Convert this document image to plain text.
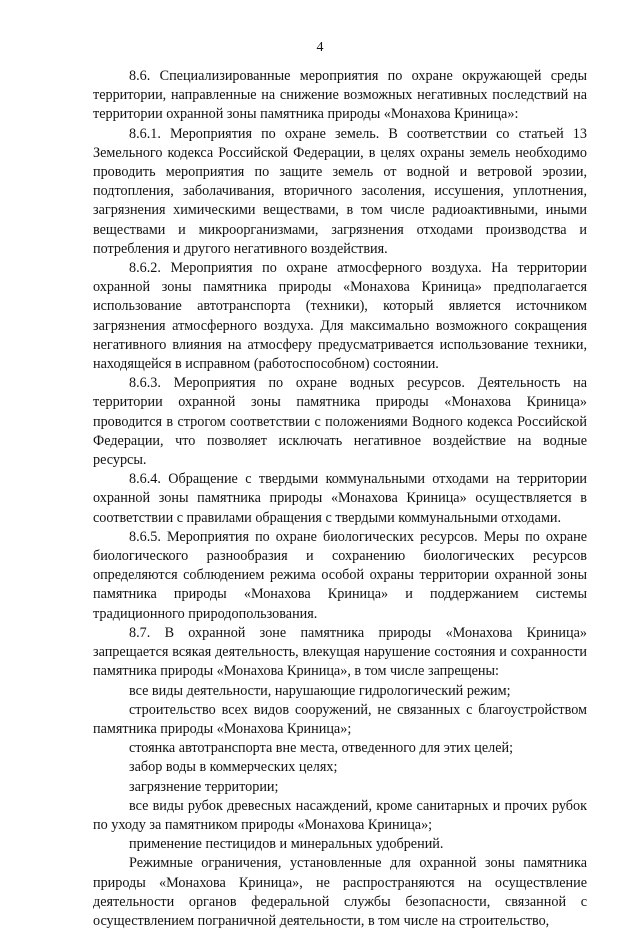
4

8.6. Специализированные мероприятия по охране окружающей среды территории, направленные на снижение возможных негативных последствий на территории охранной зоны памятника природы «Монахова Криница»:

8.6.1. Мероприятия по охране земель. В соответствии со статьей 13 Земельного кодекса Российской Федерации, в целях охраны земель необходимо проводить мероприятия по защите земель от водной и ветровой эрозии, подтопления, заболачивания, вторичного засоления, иссушения, уплотнения, загрязнения химическими веществами, в том числе радиоактивными, иными веществами и микроорганизмами, загрязнения отходами производства и потребления и другого негативного воздействия.

8.6.2. Мероприятия по охране атмосферного воздуха. На территории охранной зоны памятника природы «Монахова Криница» предполагается использование автотранспорта (техники), который является источником загрязнения атмосферного воздуха. Для максимально возможного сокращения негативного влияния на атмосферу предусматривается использование техники, находящейся в исправном (работоспособном) состоянии.

8.6.3. Мероприятия по охране водных ресурсов. Деятельность на территории охранной зоны памятника природы «Монахова Криница» проводится в строгом соответствии с положениями Водного кодекса Российской Федерации, что позволяет исключать негативное воздействие на водные ресурсы.

8.6.4. Обращение с твердыми коммунальными отходами на территории охранной зоны памятника природы «Монахова Криница» осуществляется в соответствии с правилами обращения с твердыми коммунальными отходами.

8.6.5. Мероприятия по охране биологических ресурсов. Меры по охране биологического разнообразия и сохранению биологических ресурсов определяются соблюдением режима особой охраны территории охранной зоны памятника природы «Монахова Криница» и поддержанием системы традиционного природопользования.

8.7. В охранной зоне памятника природы «Монахова Криница» запрещается всякая деятельность, влекущая нарушение состояния и сохранности памятника природы «Монахова Криница», в том числе запрещены:

все виды деятельности, нарушающие гидрологический режим;

строительство всех видов сооружений, не связанных с благоустройством памятника природы «Монахова Криница»;

стоянка автотранспорта вне места, отведенного для этих целей;

забор воды в коммерческих целях;

загрязнение территории;

все виды рубок древесных насаждений, кроме санитарных и прочих рубок по уходу за памятником природы «Монахова Криница»;

применение пестицидов и минеральных удобрений.

Режимные ограничения, установленные для охранной зоны памятника природы «Монахова Криница», не распространяются на осуществление деятельности органов федеральной службы безопасности, связанной с осуществлением пограничной деятельности, в том числе на строительство,
